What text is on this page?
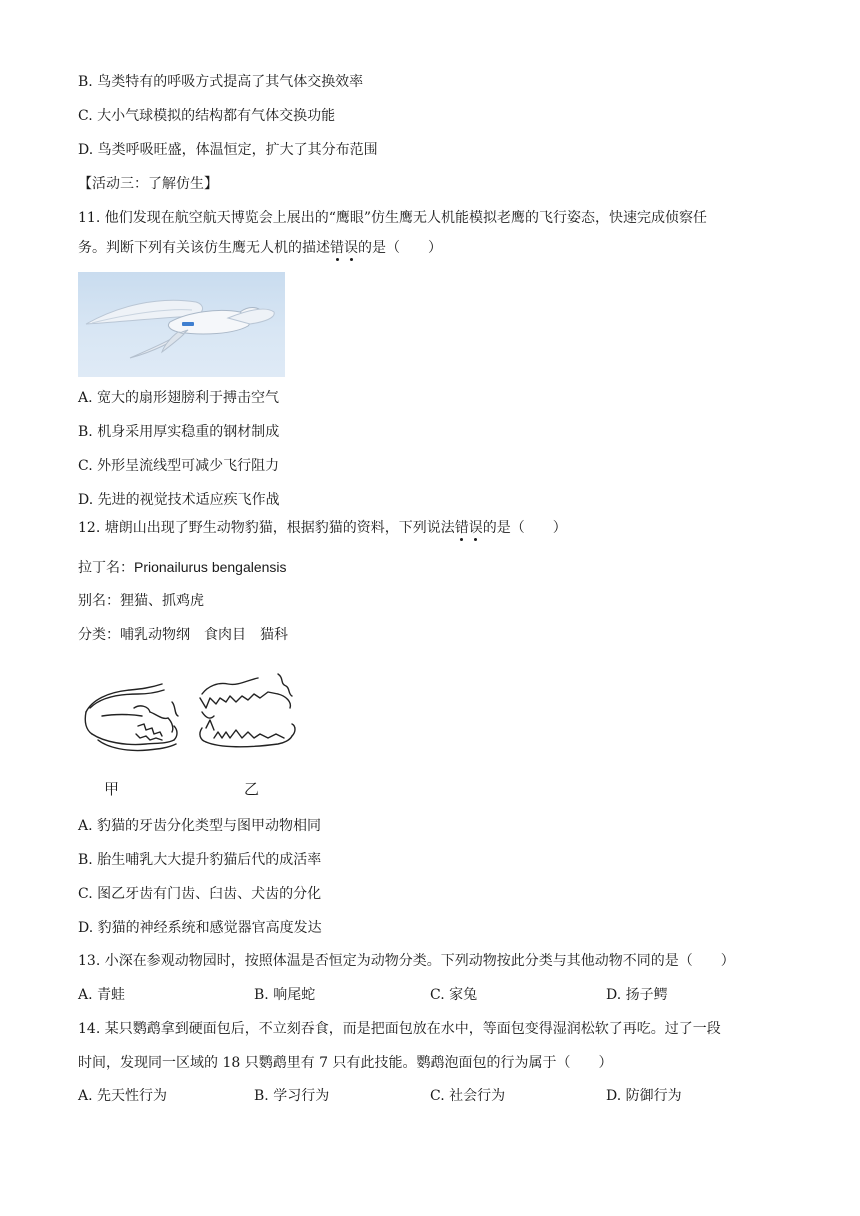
B. 鸟类特有的呼吸方式提高了其气体交换效率
C. 大小气球模拟的结构都有气体交换功能
D. 鸟类呼吸旺盛，体温恒定，扩大了其分布范围
【活动三：了解仿生】
11. 他们发现在航空航天博览会上展出的“鹰眼”仿生鹰无人机能模拟老鹰的飞行姿态，快速完成侦察任
务。判断下列有关该仿生鹰无人机的描述错误的是（　　）
A. 宽大的扇形翅膀利于搏击空气
B. 机身采用厚实稳重的钢材制成
C. 外形呈流线型可减少飞行阻力
D. 先进的视觉技术适应疾飞作战
12. 塘朗山出现了野生动物豹猫，根据豹猫的资料，下列说法错误的是（　　）
拉丁名：Prionailurus bengalensis
别名：狸猫、抓鸡虎
分类：哺乳动物纲　食肉目　猫科
甲	乙
A. 豹猫的牙齿分化类型与图甲动物相同
B. 胎生哺乳大大提升豹猫后代的成活率
C. 图乙牙齿有门齿、臼齿、犬齿的分化
D. 豹猫的神经系统和感觉器官高度发达
13. 小深在参观动物园时，按照体温是否恒定为动物分类。下列动物按此分类与其他动物不同的是（　　）
A. 青蛙	B. 响尾蛇	C. 家兔	D. 扬子鳄
14. 某只鹦鹉拿到硬面包后，不立刻吞食，而是把面包放在水中，等面包变得湿润松软了再吃。过了一段
时间，发现同一区域的 18 只鹦鹉里有 7 只有此技能。鹦鹉泡面包的行为属于（　　）
A. 先天性行为	B. 学习行为	C. 社会行为	D. 防御行为
